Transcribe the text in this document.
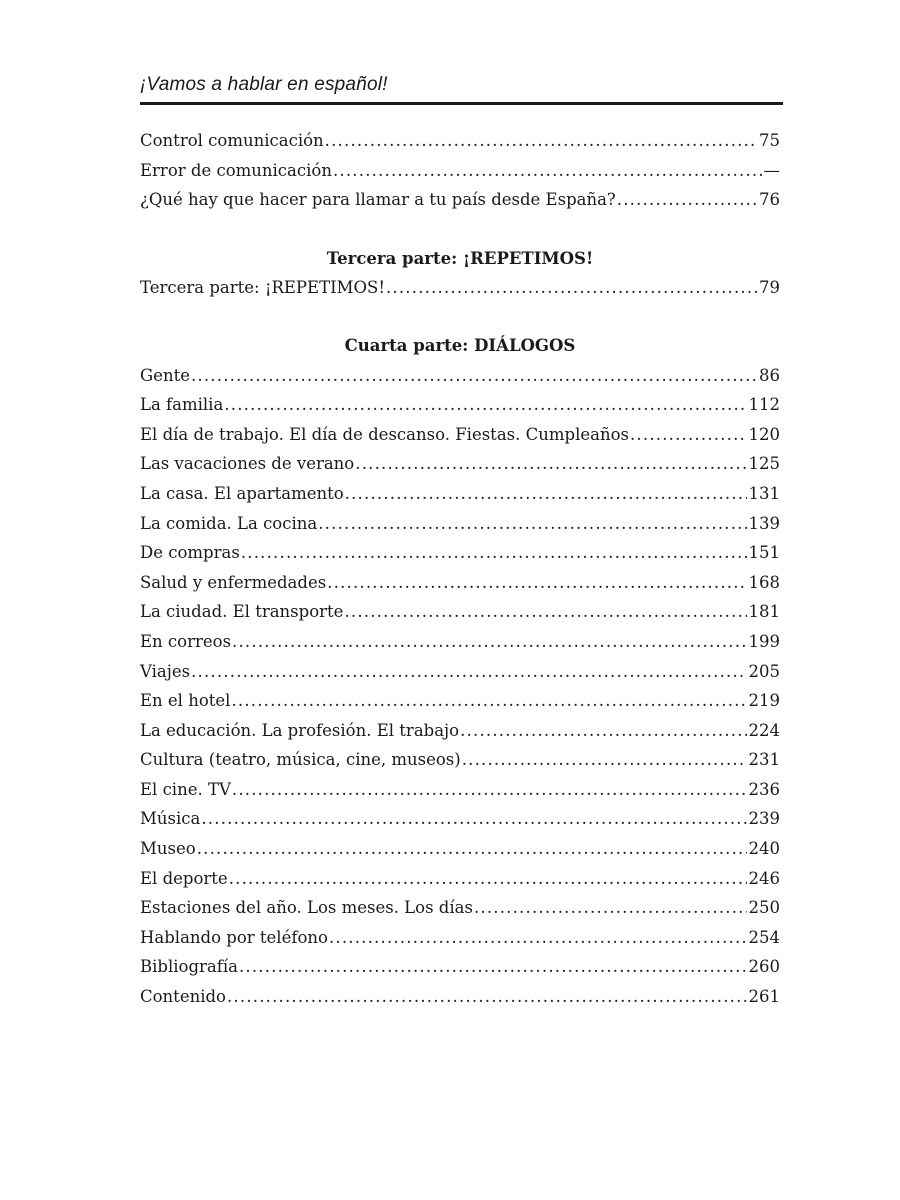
¡Vamos a hablar en español!
Control comunicación .....	75
Error de comunicación .....	—
¿Qué hay que hacer para llamar a tu país desde España? .....	76
Tercera parte: ¡REPETIMOS!
Tercera parte: ¡REPETIMOS! .....	79
Cuarta parte: DIÁLOGOS
Gente .....	86
La familia .....	112
El día de trabajo. El día de descanso. Fiestas. Cumpleaños .....	120
Las vacaciones de verano .....	125
La casa. El apartamento .....	131
La comida. La cocina .....	139
De compras .....	151
Salud y enfermedades .....	168
La ciudad. El transporte .....	181
En correos .....	199
Viajes .....	205
En el hotel .....	219
La educación. La profesión. El trabajo .....	224
Cultura (teatro, música, cine, museos) .....	231
El cine. TV .....	236
Música .....	239
Museo .....	240
El deporte .....	246
Estaciones del año. Los meses. Los días .....	250
Hablando por teléfono .....	254
Bibliografía .....	260
Contenido .....	261
